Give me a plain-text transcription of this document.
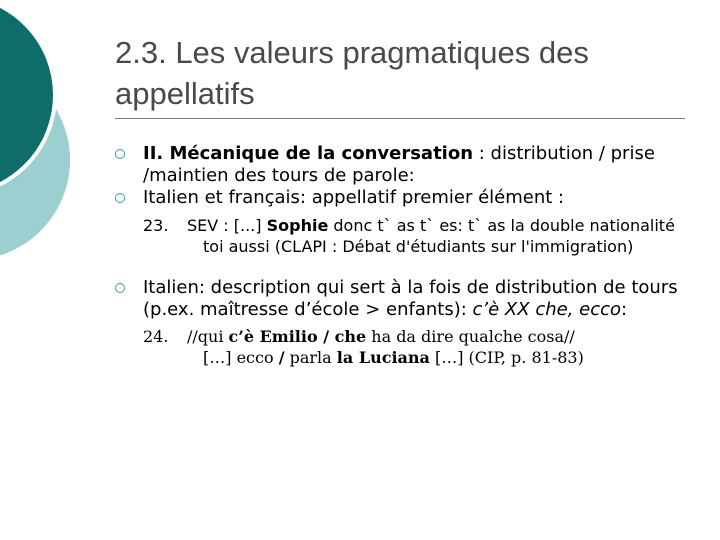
2.3. Les valeurs pragmatiques des appellatifs
II. Mécanique de la conversation : distribution / prise /maintien des tours de parole:
Italien et français: appellatif premier élément :
23. SEV : [...] Sophie donc t` as t` es: t` as la double nationalité toi aussi (CLAPI : Débat d'étudiants sur l'immigration)
Italien: description qui sert à la fois de distribution de tours (p.ex. maîtresse d’école > enfants): c’è XX che, ecco:
24. //qui c’è Emilio / che ha da dire qualche cosa//
[…] ecco / parla la Luciana […] (CIP, p. 81-83)
